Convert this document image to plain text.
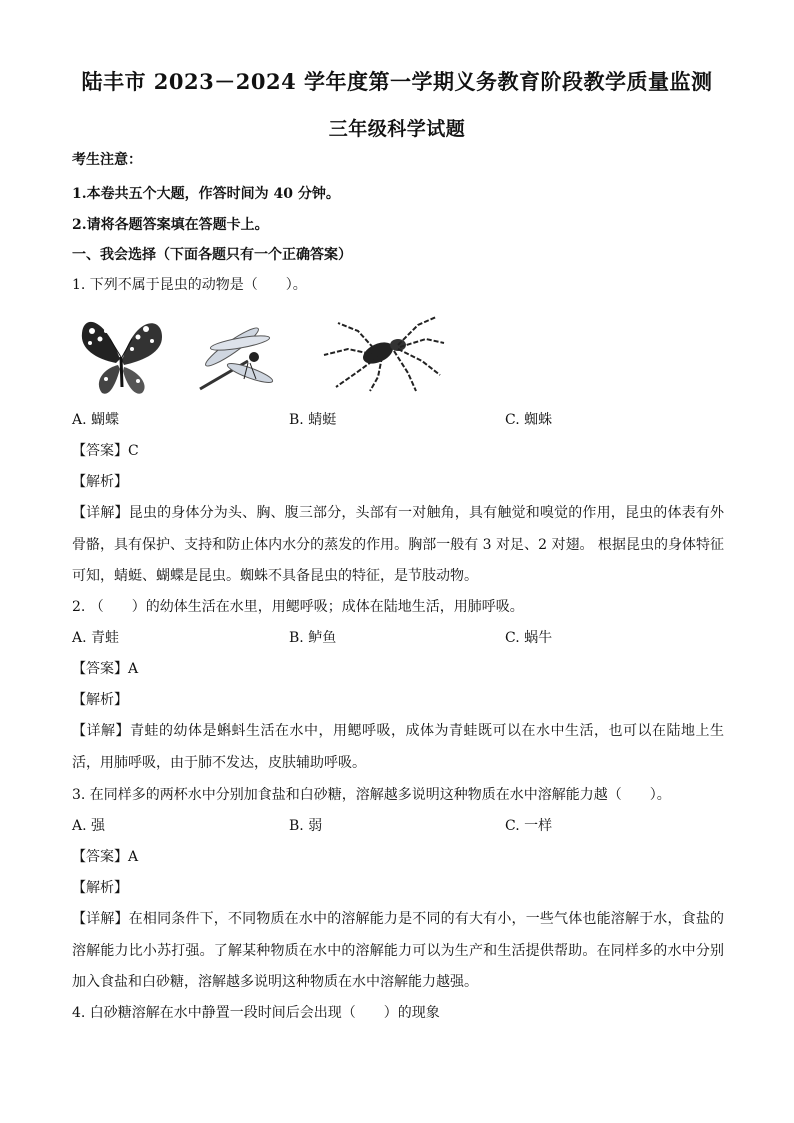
陆丰市 2023－2024 学年度第一学期义务教育阶段教学质量监测
三年级科学试题
考生注意：
1.本卷共五个大题，作答时间为 40 分钟。
2.请将各题答案填在答题卡上。
一、我会选择（下面各题只有一个正确答案）
1. 下列不属于昆虫的动物是（　　）。
A. 蝴蝶	B. 蜻蜓	C. 蜘蛛
【答案】C
【解析】
【详解】昆虫的身体分为头、胸、腹三部分，头部有一对触角，具有触觉和嗅觉的作用，昆虫的体表有外骨骼，具有保护、支持和防止体内水分的蒸发的作用。胸部一般有 3 对足、2 对翅。 根据昆虫的身体特征可知，蜻蜓、蝴蝶是昆虫。蜘蛛不具备昆虫的特征，是节肢动物。
2. （　　）的幼体生活在水里，用鳃呼吸；成体在陆地生活，用肺呼吸。
A. 青蛙	B. 鲈鱼	C. 蜗牛
【答案】A
【解析】
【详解】青蛙的幼体是蝌蚪生活在水中，用鳃呼吸，成体为青蛙既可以在水中生活，也可以在陆地上生活，用肺呼吸，由于肺不发达，皮肤辅助呼吸。
3. 在同样多的两杯水中分别加食盐和白砂糖，溶解越多说明这种物质在水中溶解能力越（　　）。
A. 强	B. 弱	C. 一样
【答案】A
【解析】
【详解】在相同条件下，不同物质在水中的溶解能力是不同的有大有小，一些气体也能溶解于水，食盐的溶解能力比小苏打强。了解某种物质在水中的溶解能力可以为生产和生活提供帮助。在同样多的水中分别加入食盐和白砂糖，溶解越多说明这种物质在水中溶解能力越强。
4. 白砂糖溶解在水中静置一段时间后会出现（　　）的现象
